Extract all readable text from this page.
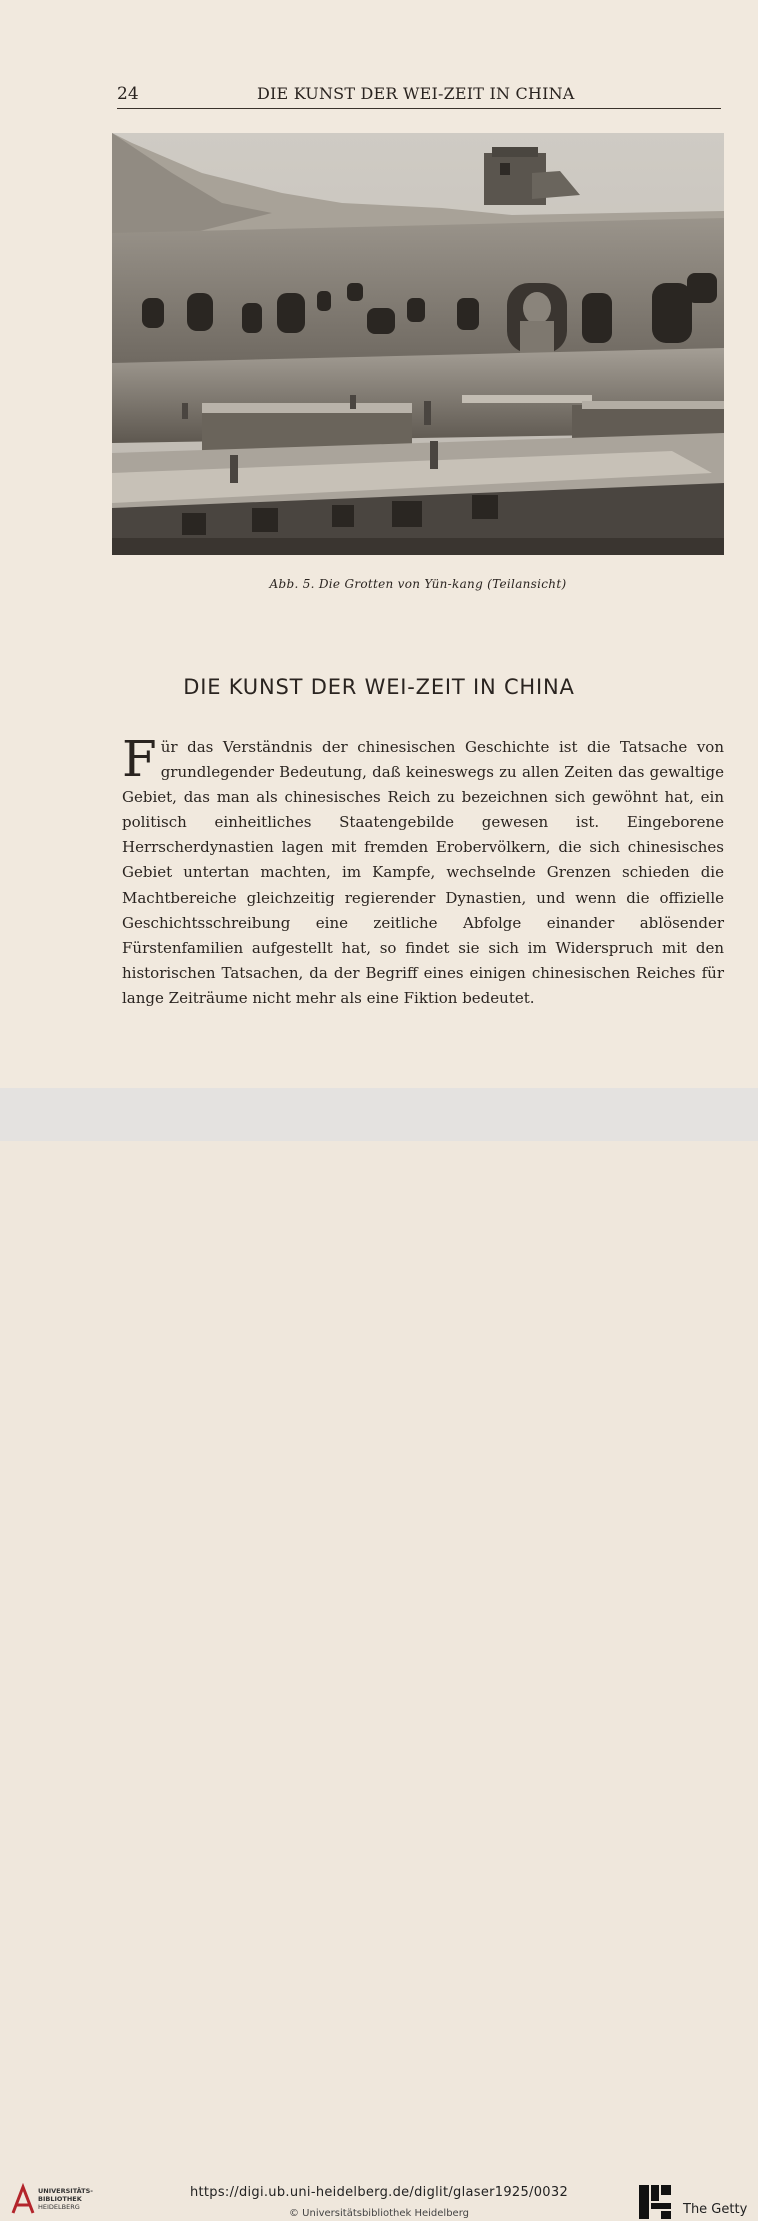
24	DIE KUNST DER WEI-ZEIT IN CHINA
Abb. 5. Die Grotten von Yün-kang (Teilansicht)
DIE KUNST DER WEI-ZEIT IN CHINA

Für das Verständnis der chinesischen Geschichte ist die Tatsache von grundlegender Bedeutung, daß keineswegs zu allen Zeiten das gewaltige Gebiet, das man als chinesisches Reich zu bezeichnen sich gewöhnt hat, ein politisch einheitliches Staatengebilde gewesen ist. Eingeborene Herrscherdynastien lagen mit fremden Erobervölkern, die sich chinesisches Gebiet untertan machten, im Kampfe, wechselnde Grenzen schieden die Machtbereiche gleichzeitig regierender Dynastien, und wenn die offizielle Geschichtsschreibung eine zeitliche Abfolge einander ablösender Fürstenfamilien aufgestellt hat, so findet sie sich im Widerspruch mit den historischen Tatsachen, da der Begriff eines einigen chinesischen Reiches für lange Zeiträume nicht mehr als eine Fiktion bedeutet.

UNIVERSITÄTS-
BIBLIOTHEK
HEIDELBERG
https://digi.ub.uni-heidelberg.de/diglit/glaser1925/0032
© Universitätsbibliothek Heidelberg	The Getty
